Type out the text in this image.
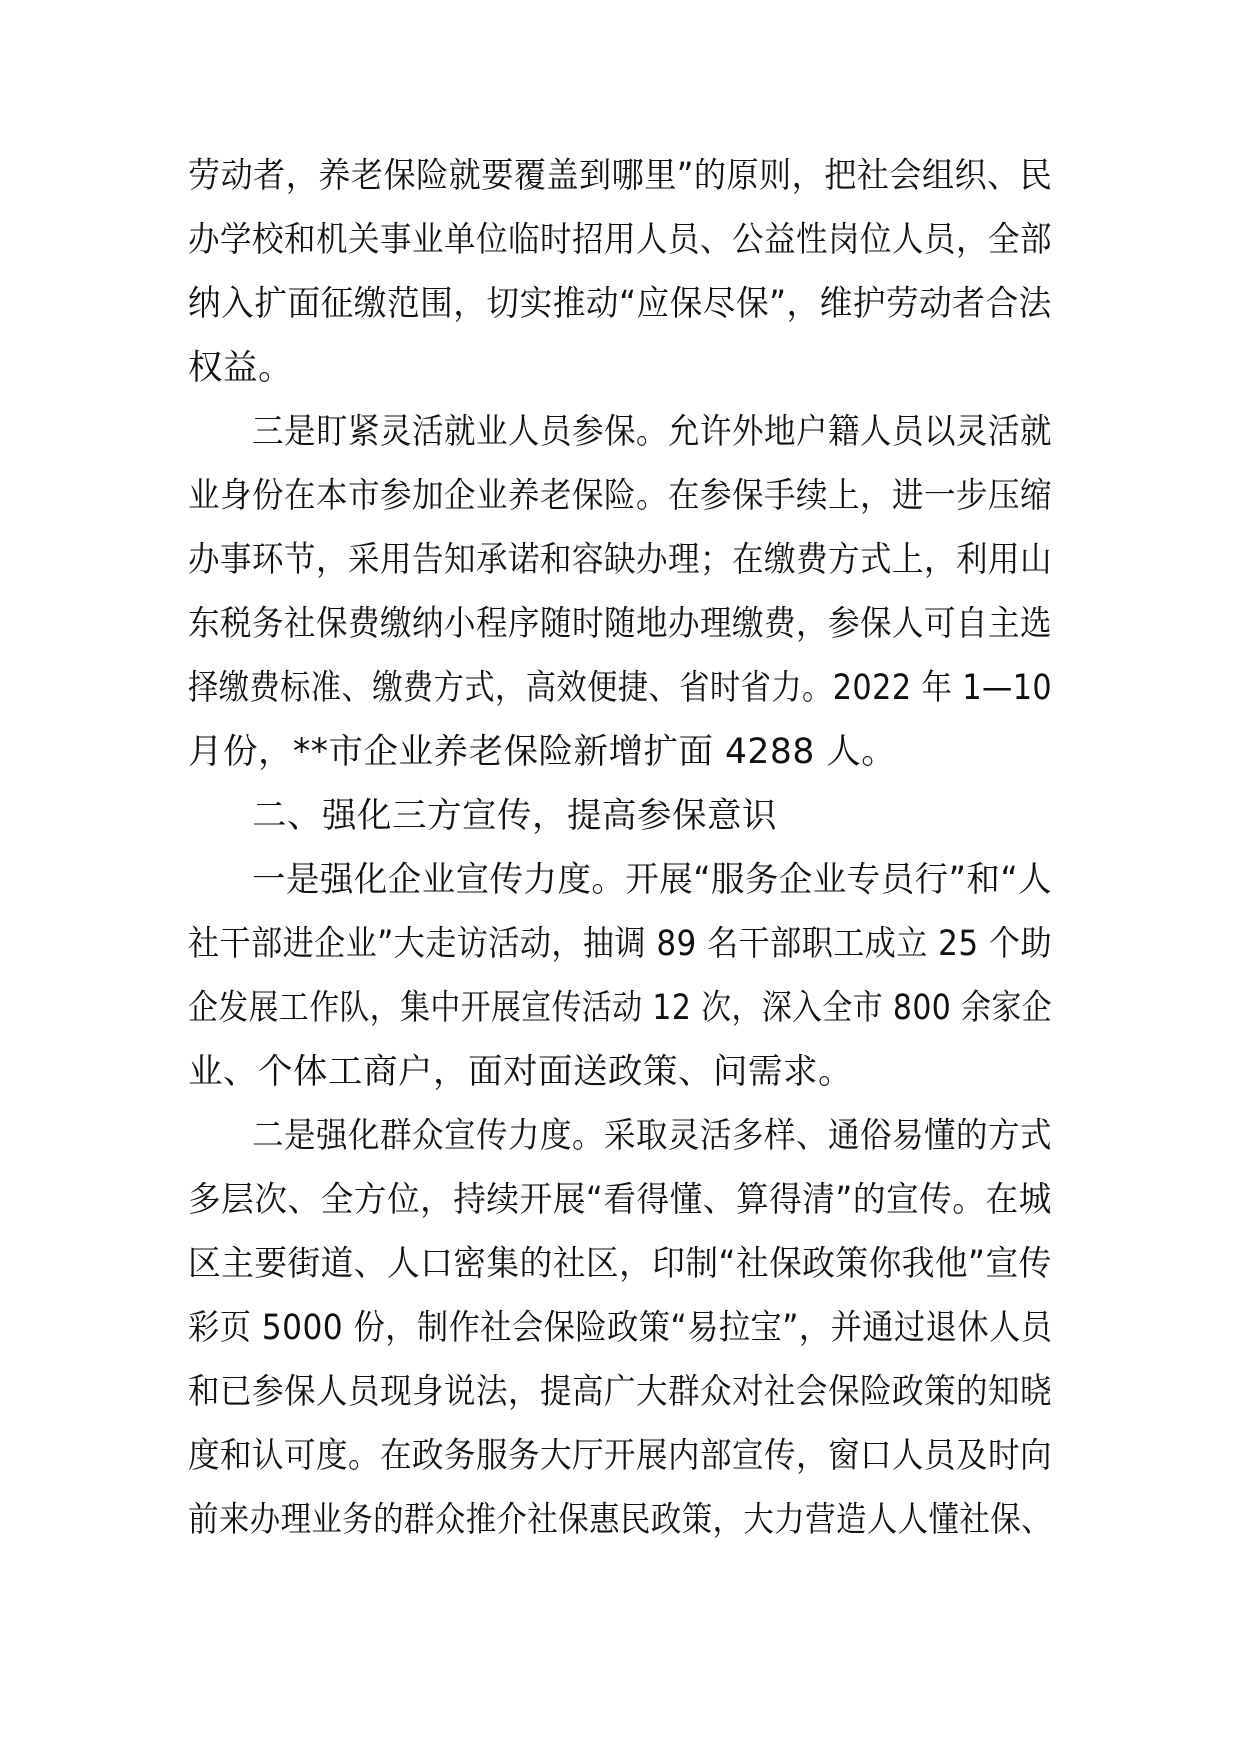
劳动者，养老保险就要覆盖到哪里”的原则，把社会组织、民
办学校和机关事业单位临时招用人员、公益性岗位人员，全部
纳入扩面征缴范围，切实推动“应保尽保”，维护劳动者合法
权益。
三是盯紧灵活就业人员参保。允许外地户籍人员以灵活就
业身份在本市参加企业养老保险。在参保手续上，进一步压缩
办事环节，采用告知承诺和容缺办理；在缴费方式上，利用山
东税务社保费缴纳小程序随时随地办理缴费，参保人可自主选
择缴费标准、缴费方式，高效便捷、省时省力。2022 年 1—10
月份，**市企业养老保险新增扩面 4288 人。
二、强化三方宣传，提高参保意识
一是强化企业宣传力度。开展“服务企业专员行”和“人
社干部进企业”大走访活动，抽调 89 名干部职工成立 25 个助
企发展工作队，集中开展宣传活动 12 次，深入全市 800 余家企
业、个体工商户，面对面送政策、问需求。
二是强化群众宣传力度。采取灵活多样、通俗易懂的方式
多层次、全方位，持续开展“看得懂、算得清”的宣传。在城
区主要街道、人口密集的社区，印制“社保政策你我他”宣传
彩页 5000 份，制作社会保险政策“易拉宝”，并通过退休人员
和已参保人员现身说法，提高广大群众对社会保险政策的知晓
度和认可度。在政务服务大厅开展内部宣传，窗口人员及时向
前来办理业务的群众推介社保惠民政策，大力营造人人懂社保、
